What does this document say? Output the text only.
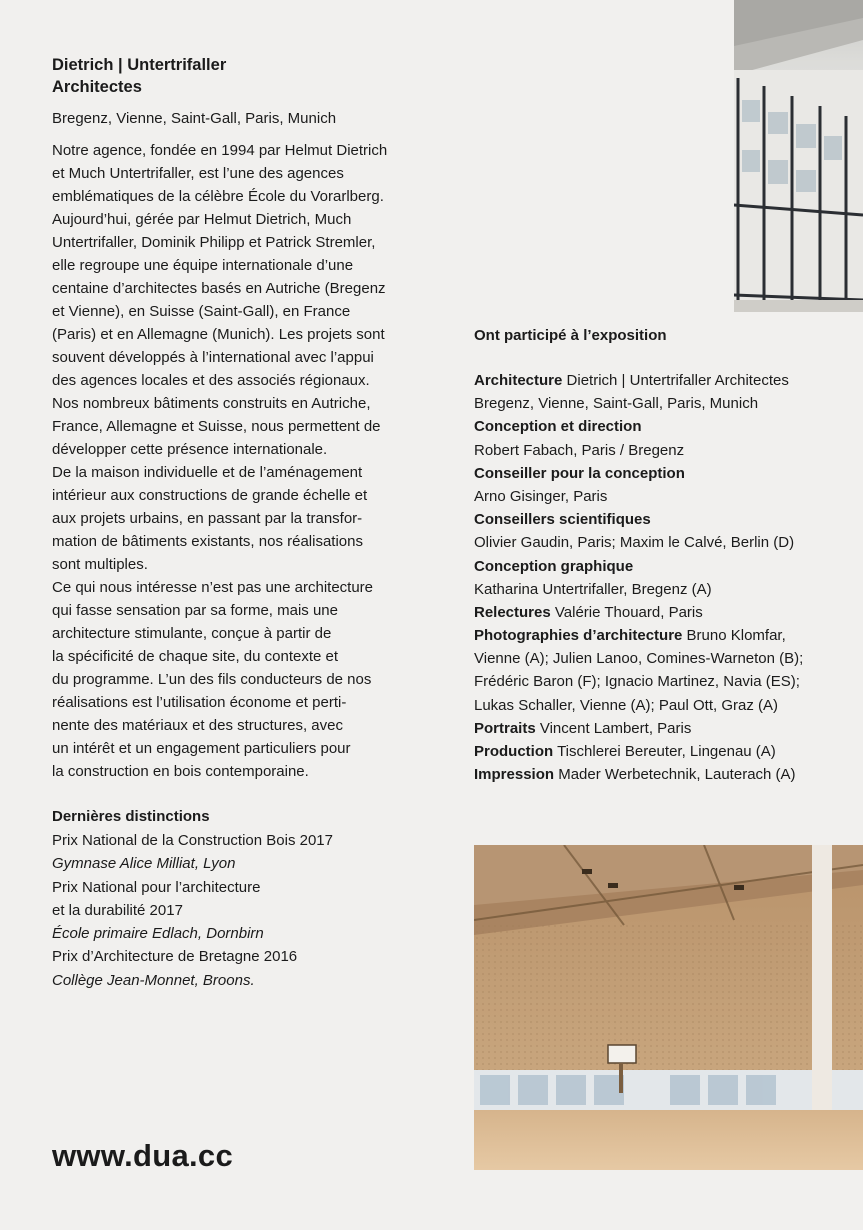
Dietrich | Untertrifaller
Architectes
Bregenz, Vienne, Saint-Gall, Paris, Munich
Notre agence, fondée en 1994 par Helmut Dietrich
et Much Untertrifaller, est l’une des agences
emblématiques de la célèbre École du Vorarlberg.
Aujourd’hui, gérée par Helmut Dietrich, Much
Untertrifaller, Dominik Philipp et Patrick Stremler,
elle regroupe une équipe internationale d’une
centaine d’architectes basés en Autriche (Bregenz
et Vienne), en Suisse (Saint-Gall), en France
(Paris) et en Allemagne (Munich). Les projets sont
souvent développés à l’international avec l’appui
des agences locales et des associés régionaux.
Nos nombreux bâtiments construits en Autriche,
France, Allemagne et Suisse, nous permettent de
développer cette présence internationale.
De la maison individuelle et de l’aménagement
intérieur aux constructions de grande échelle et
aux projets urbains, en passant par la transfor-
mation de bâtiments existants, nos réalisations
sont multiples.
Ce qui nous intéresse n’est pas une architecture
qui fasse sensation par sa forme, mais une
architecture stimulante, conçue à partir de
la spécificité de chaque site, du contexte et
du programme. L’un des fils conducteurs de nos
réalisations est l’utilisation économe et perti-
nente des matériaux et des structures, avec
un intérêt et un engagement particuliers pour
la construction en bois contemporaine.
Dernières distinctions
Prix National de la Construction Bois 2017
Gymnase Alice Milliat, Lyon
Prix National pour l’architecture
et la durabilité 2017
École primaire Edlach, Dornbirn
Prix d’Architecture de Bretagne 2016
Collège Jean-Monnet, Broons.
www.dua.cc
Ont participé à l’exposition
Architecture Dietrich | Untertrifaller Architectes
Bregenz, Vienne, Saint-Gall, Paris, Munich
Conception et direction
Robert Fabach, Paris / Bregenz
Conseiller pour la conception
Arno Gisinger, Paris
Conseillers scientifiques
Olivier Gaudin, Paris; Maxim le Calvé, Berlin (D)
Conception graphique
Katharina Untertrifaller, Bregenz (A)
Relectures Valérie Thouard, Paris
Photographies d’architecture Bruno Klomfar,
Vienne (A); Julien Lanoo, Comines-Warneton (B);
Frédéric Baron (F); Ignacio Martinez, Navia (ES);
Lukas Schaller, Vienne (A); Paul Ott, Graz (A)
Portraits Vincent Lambert, Paris
Production Tischlerei Bereuter, Lingenau (A)
Impression Mader Werbetechnik, Lauterach (A)
